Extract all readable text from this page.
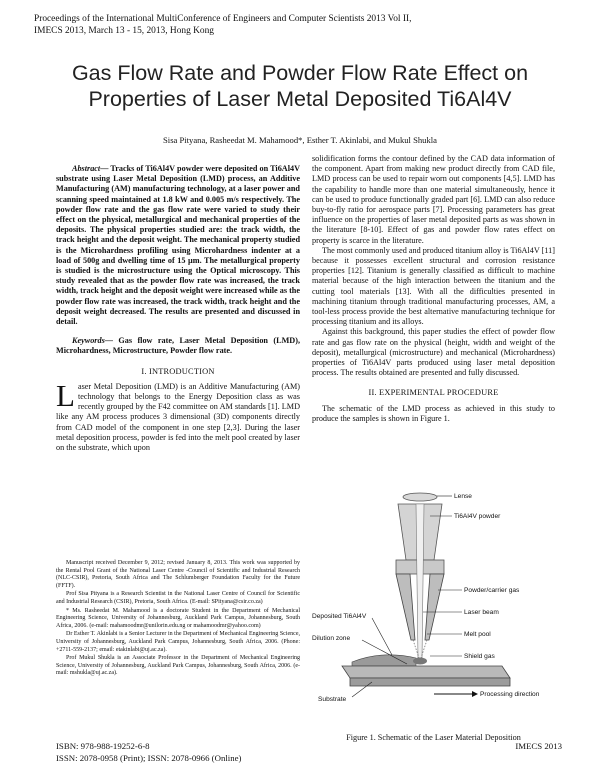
Proceedings of the International MultiConference of Engineers and Computer Scientists 2013 Vol II,
IMECS 2013, March 13 - 15, 2013, Hong Kong
Gas Flow Rate and Powder Flow Rate Effect on
Properties of Laser Metal Deposited Ti6Al4V
Sisa Pityana, Rasheedat M. Mahamood*, Esther T. Akinlabi, and Mukul Shukla

Abstract— Tracks of Ti6Al4V powder were deposited on Ti6Al4V substrate using Laser Metal Deposition (LMD) process, an Additive Manufacturing (AM) manufacturing technology, at a laser power and scanning speed maintained at 1.8 kW and 0.005 m/s respectively. The powder flow rate and the gas flow rate were varied to study their effect on the physical, metallurgical and mechanical properties of the deposits. The physical properties studied are: the track width, the track height and the deposit weight. The mechanical property studied is the Microhardness profiling using Microhardness indenter at a load of 500g and dwelling time of 15 µm. The metallurgical property is studied is the microstructure using the Optical microscopy. This study revealed that as the powder flow rate was increased, the track width, track height and the deposit weight were increased while as the powder flow rate was increased, the track width, track height and the deposit weight decreased. The results are presented and discussed in detail.

Keywords— Gas flow rate, Laser Metal Deposition (LMD), Microhardness, Microstructure, Powder flow rate.

I. INTRODUCTION

Laser Metal Deposition (LMD) is an Additive Manufacturing (AM) technology that belongs to the Energy Deposition class as was recently grouped by the F42 committee on AM standards [1]. LMD like any AM process produces 3 dimensional (3D) components directly from CAD model of the component in one step [2,3]. During the laser metal deposition process, powder is fed into the melt pool created by laser on the substrate, which upon

Manuscript received December 9, 2012; revised January 8, 2013. This work was supported by the Rental Pool Grant of the National Laser Centre -Council of Scientific and Industrial Research (NLC-CSIR), Pretoria, South Africa and The Schlumberger Foundation Faculty for the Future (FFTF).

Prof Sisa Pityana is a Research Scientist in the National Laser Centre of Council for Scientific and Industrial Research (CSIR), Pretoria, South Africa. (E-mail: SPityana@csir.co.za)

* Ms. Rasheedat M. Mahamood is a doctorate Student in the Department of Mechanical Engineering Science, University of Johannesburg, Auckland Park Campus, Johannesburg, South Africa, 2006. (e-mail: mahamoodmr@unilorin.edu.ng or mahamoodmr@yahoo.com)

Dr Esther T. Akinlabi is a Senior Lecturer in the Department of Mechanical Engineering Science, University of Johannesburg, Auckland Park Campus, Johannesburg, South Africa, 2006. (Phone: +2711-559-2137; email: etakinlabi@uj.ac.za).

Prof Mukul Shukla is an Associate Professor in the Department of Mechanical Engineering Science, University of Johannesburg, Auckland Park Campus, Johannesburg, South Africa, 2006. (e-mail: mshukla@uj.ac.za).

solidification forms the contour defined by the CAD data information of the component. Apart from making new product directly from CAD file, LMD process can be used to repair worn out components [4,5]. LMD has the capability to handle more than one material simultaneously, hence it can be used to produce functionally graded part [6]. LMD can also reduce buy-to-fly ratio for aerospace parts [7]. Processing parameters has great influence on the properties of laser metal deposited parts as was shown in the literature [8-10]. Effect of gas and powder flow rates effect on property is scarce in the literature.

The most commonly used and produced titanium alloy is Ti6Al4V [11] because it possesses excellent structural and corrosion resistance properties [12]. Titanium is generally classified as difficult to machine material because of the high interaction between the titanium and the cutting tool materials [13]. With all the difficulties presented in machining titanium through traditional manufacturing processes, AM, a tool-less process provide the best alternative manufacturing technique for processing titanium and its alloys.

Against this background, this paper studies the effect of powder flow rate and gas flow rate on the physical (height, width and weight of the deposit), metallurgical (microstructure) and mechanical (Microhardness) properties of Ti6Al4V parts produced using laser metal deposition process. The results obtained are presented and fully discussed.

II. EXPERIMENTAL PROCEDURE

The schematic of the LMD process as achieved in this study to produce the samples is shown in Figure 1.

Lense
Ti6Al4V powder
Powder/carrier gas
Laser beam
Melt pool
Shield gas
Deposited Ti6Al4V
Dilution zone
Substrate
Processing direction
Figure 1. Schematic of the Laser Material Deposition
ISBN: 978-988-19252-6-8
ISSN: 2078-0958 (Print); ISSN: 2078-0966 (Online)
IMECS 2013
